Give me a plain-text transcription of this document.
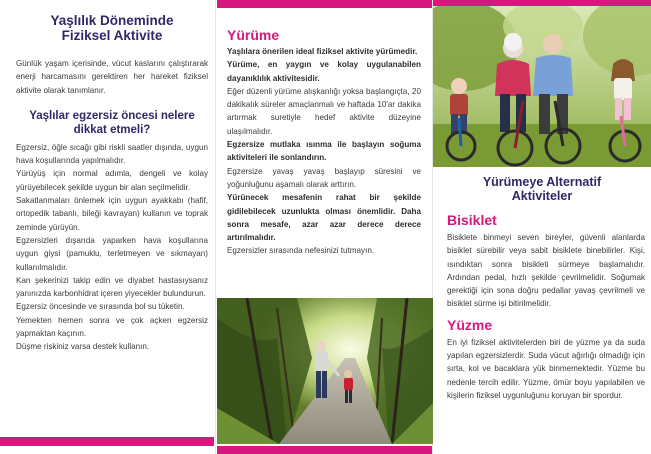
Yaşlılık Döneminde
Fiziksel Aktivite

Günlük yaşam içerisinde, vücut kaslarını çalıştırarak enerji harcamasını gerektiren her hareket fiziksel aktivite olarak tanımlanır.

Yaşlılar egzersiz öncesi nelere
dikkat etmeli?

Egzersiz, öğle sıcağı gibi riskli saatler dışında, uygun hava koşullarında yapılmalıdır.

Yürüyüş için normal adımla, dengeli ve kolay yürüyebilecek şekilde uygun bir alan seçilmelidir.

Sakatlanmaları önlemek için uygun ayakkabı (hafif, ortopedik tabanlı, bileği kavrayan) kullanın ve toprak zeminde yürüyün.

Egzersizleri dışarıda yaparken hava koşullarına uygun giysi (pamuklu, terletmeyen ve sıkmayan) kullanılmalıdır.

Kan şekerinizi takip edin ve diyabet hastasıysanız yanınızda karbonhidrat içeren yiyecekler bulundurun.

Egzersiz öncesinde ve sırasında bol su tüketin.

Yemekten hemen sonra ve çok açken egzersiz yapmaktan kaçının.

Düşme riskiniz varsa destek kullanın.

Yürüme

Yaşlılara önerilen ideal fiziksel aktivite yürümedir.

Yürüme, en yaygın ve kolay uygulanabilen dayanıklılık aktivitesidir.

Eğer düzenli yürüme alışkanlığı yoksa başlangıçta, 20 dakikalık süreler amaçlanmalı ve haftada 10'ar dakika artırmak suretiyle hedef aktivite düzeyine ulaşılmalıdır.

Egzersize mutlaka ısınma ile başlayın soğuma aktiviteleri ile sonlandırın.

Egzersize yavaş yavaş başlayıp süresini ve yoğunluğunu aşamalı olarak arttırın.

Yürünecek mesafenin rahat bir şekilde gidilebilecek uzunlukta olması önemlidir. Daha sonra mesafe, azar azar derece derece artırılmalıdır.

Egzersizler sırasında nefesinizi tutmayın.

Yürümeye Alternatif
Aktiviteler
Bisiklet

Bisiklete binmeyi seven bireyler, güvenli alanlarda bisiklet sürebilir veya sabit bisiklete binebilirler. Kişi, ısındıktan sonra bisikleti sürmeye başlamalıdır. Ardından pedal, hızlı şekilde çevrilmelidir. Soğumak gerektiği için sona doğru pedallar yavaş çevrilmeli ve bisiklet sürme işi bitirilmelidir.

Yüzme

En iyi fiziksel aktivitelerden biri de yüzme ya da suda yapılan egzersizlerdir. Suda vücut ağırlığı olmadığı için sırta, kol ve bacaklara yük binmemektedir. Yüzme bu nedenle tercih edilir. Yüzme, ömür boyu yapılabilen ve kişilerin fiziksel uygunluğunu koruyan bir spordur.
